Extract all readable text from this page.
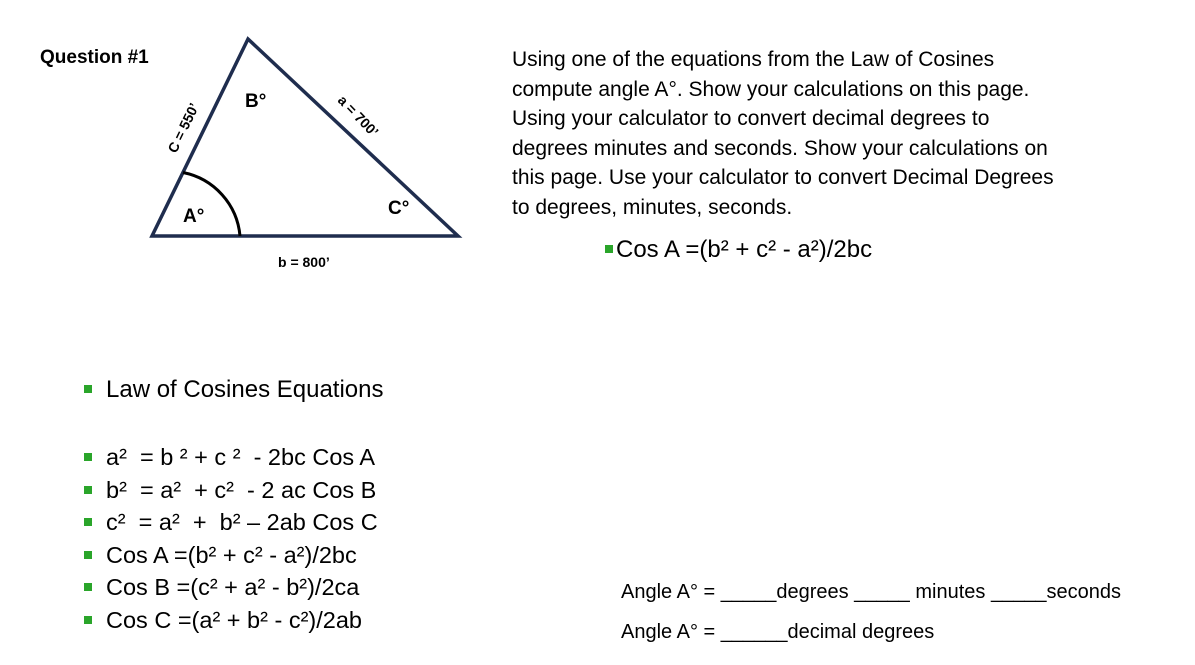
Question #1
B°
A°	C°
b = 800’
a = 700’
C = 550’
Using one of the equations from the Law of Cosines
compute angle A°. Show your calculations on this page.
Using your calculator to convert decimal degrees to
degrees minutes and seconds. Show your calculations on
this page. Use your calculator to convert Decimal Degrees
to degrees, minutes, seconds.
Cos A =(b² + c² - a²)/2bc
Law of Cosines Equations
a²  = b ² + c ²  - 2bc Cos A
b²  = a²  + c²  - 2 ac Cos B
c²  = a²  +  b² – 2ab Cos C
Cos A =(b² + c² - a²)/2bc
Cos B =(c² + a² - b²)/2ca
Cos C =(a² + b² - c²)/2ab
Angle A° = _____degrees _____ minutes _____seconds
Angle A° = ______decimal degrees
